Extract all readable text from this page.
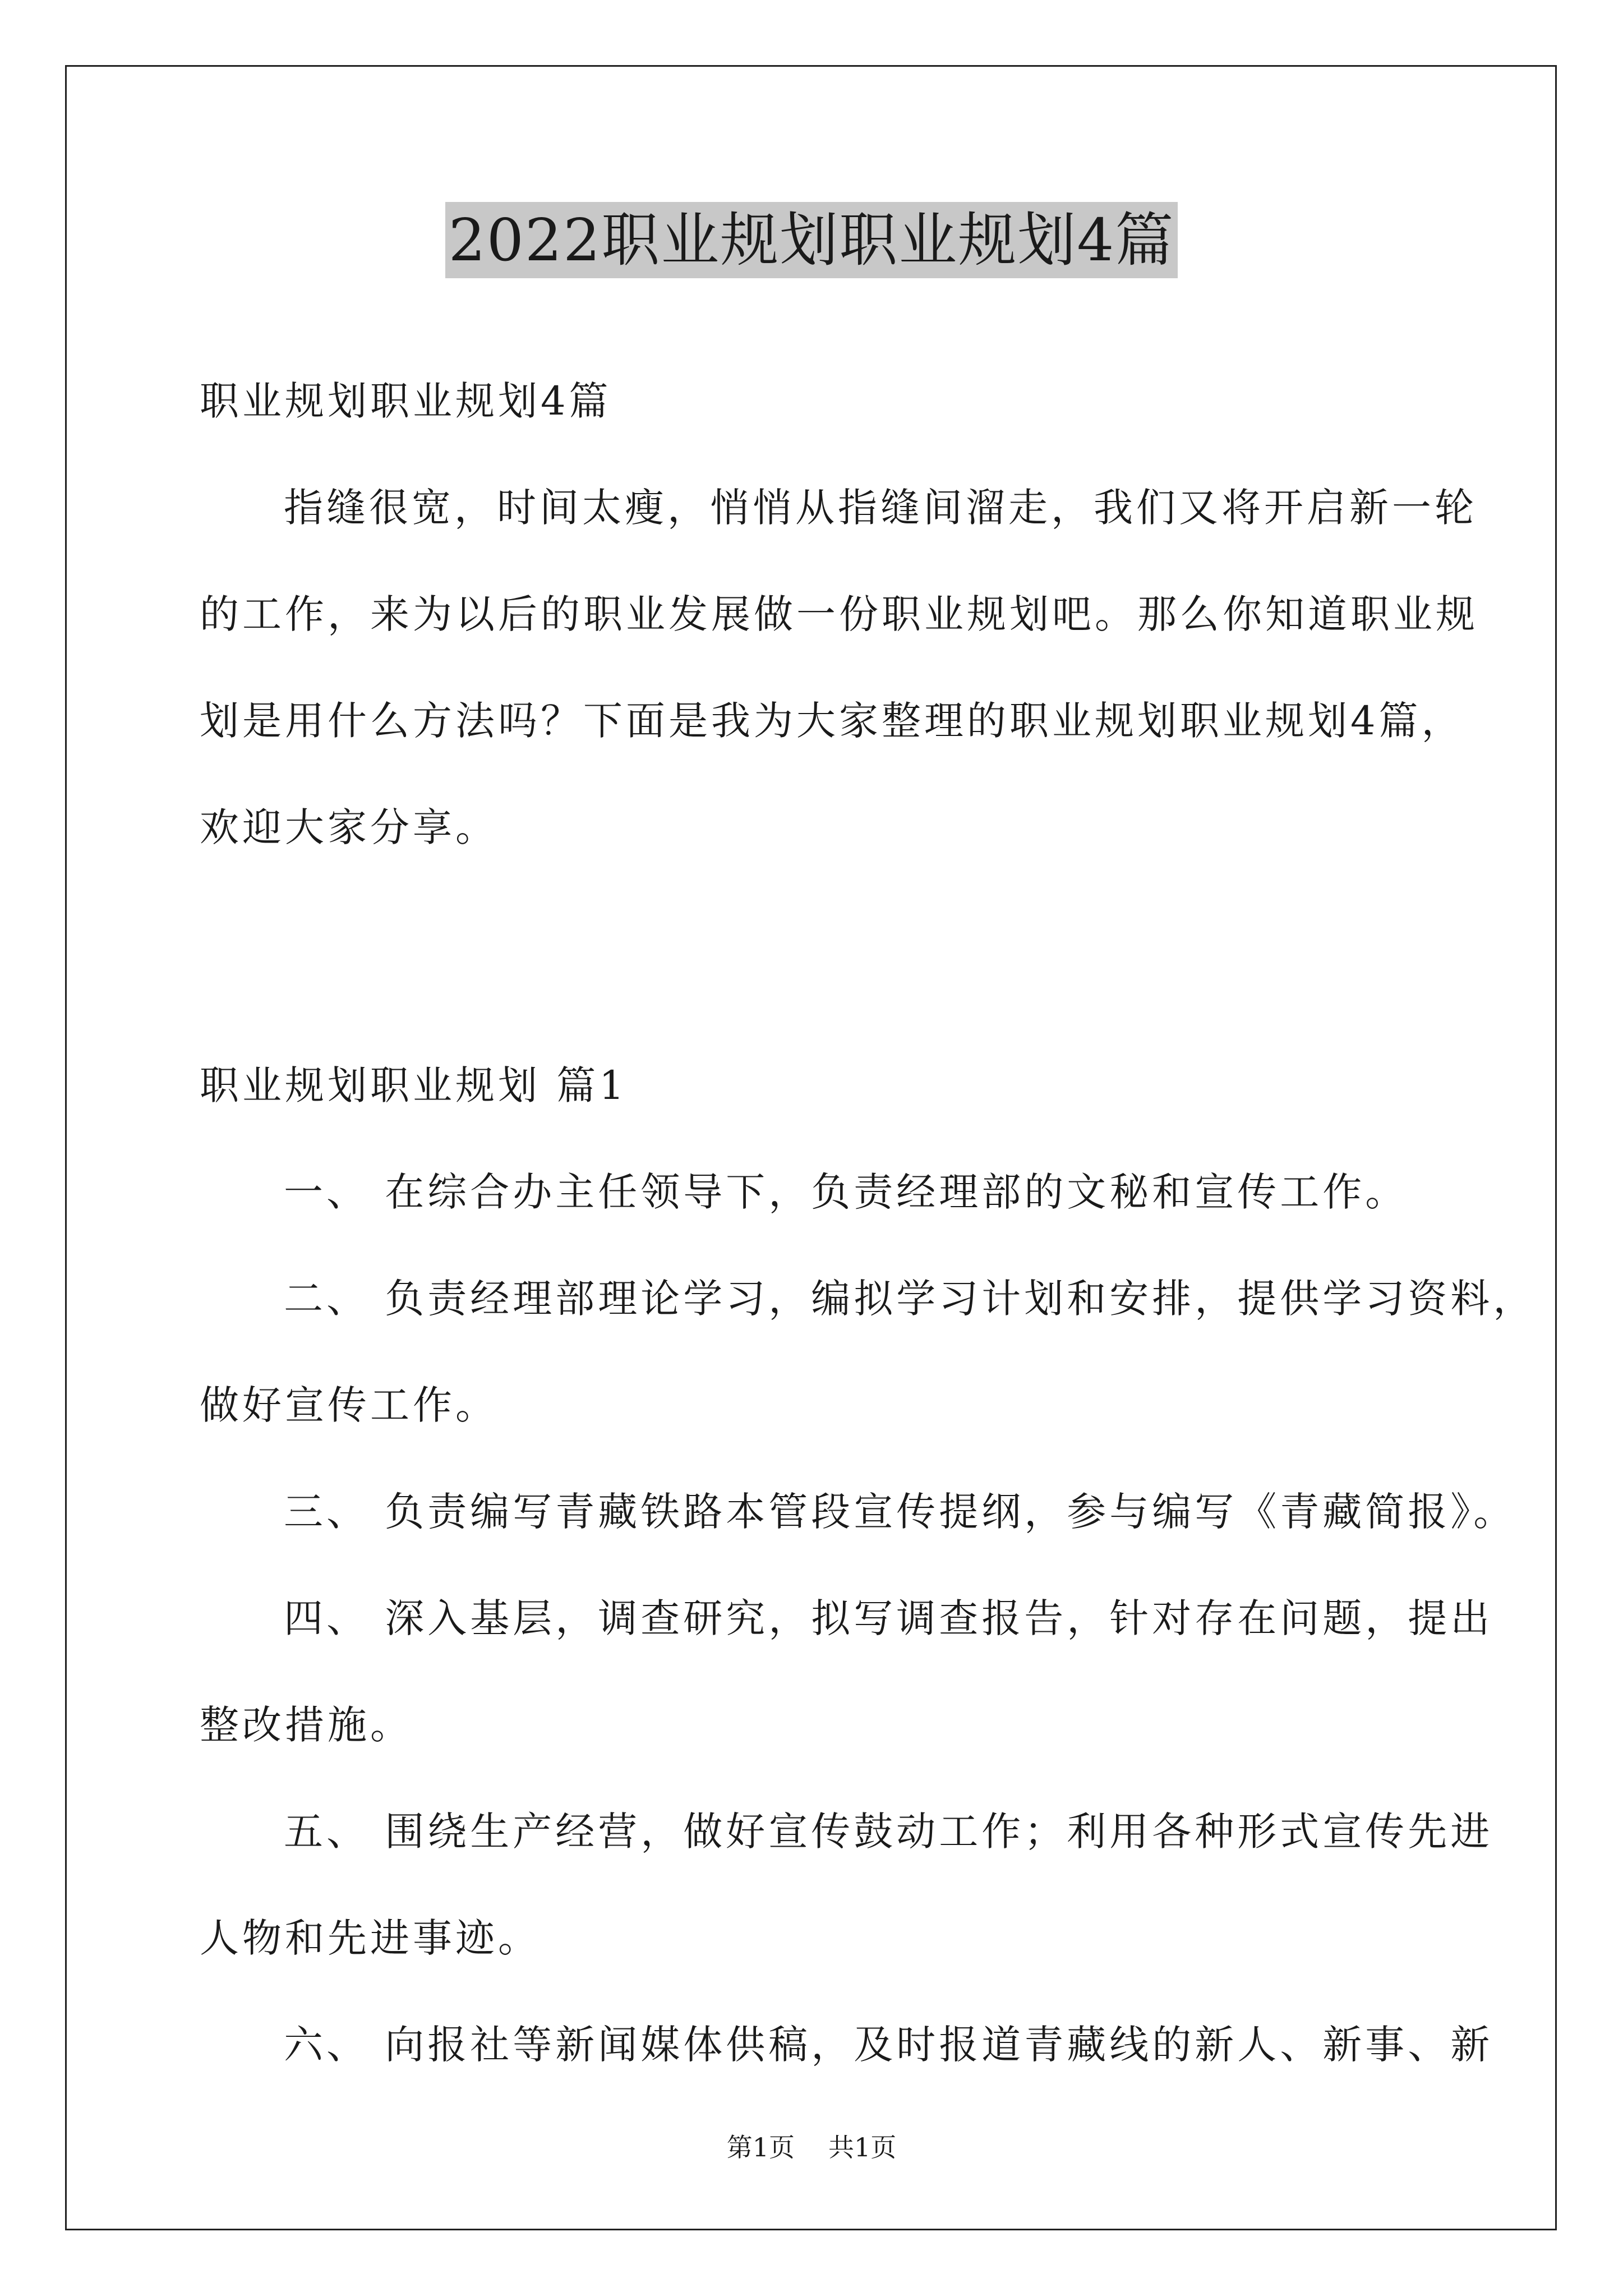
2022职业规划职业规划4篇
职业规划职业规划4篇
指缝很宽，时间太瘦，悄悄从指缝间溜走，我们又将开启新一轮
的工作，来为以后的职业发展做一份职业规划吧。那么你知道职业规
划是用什么方法吗？下面是我为大家整理的职业规划职业规划4篇，
欢迎大家分享。
职业规划职业规划 篇1
一、 在综合办主任领导下，负责经理部的文秘和宣传工作。
二、 负责经理部理论学习，编拟学习计划和安排，提供学习资料，
做好宣传工作。
三、 负责编写青藏铁路本管段宣传提纲，参与编写《青藏简报》。
四、 深入基层，调查研究，拟写调查报告，针对存在问题，提出
整改措施。
五、 围绕生产经营，做好宣传鼓动工作；利用各种形式宣传先进
人物和先进事迹。
六、 向报社等新闻媒体供稿，及时报道青藏线的新人、新事、新
第1页 共1页
